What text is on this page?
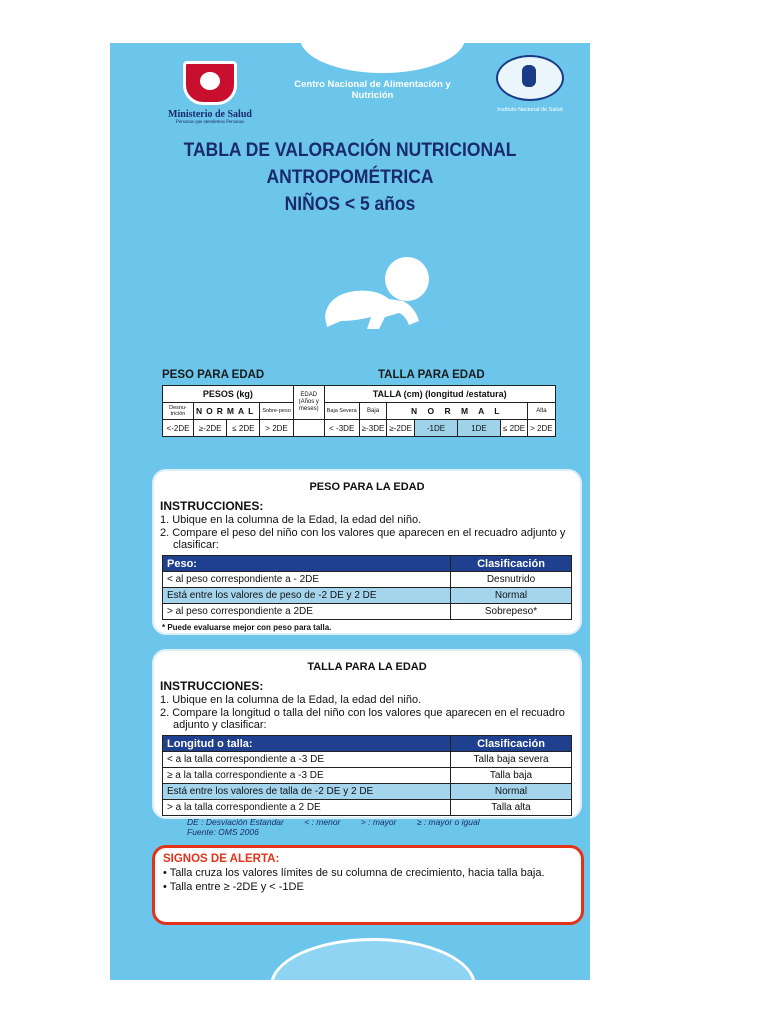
Ministerio de Salud
Personas que atendemos Personas
Centro Nacional de Alimentación y Nutrición
Instituto Nacional de Salud
TABLA DE VALORACIÓN NUTRICIONAL
ANTROPOMÉTRICA
NIÑOS < 5 años
PESO PARA EDAD	TALLA PARA EDAD
PESOS (kg)				EDAD (Años y meses)	TALLA (cm) (longitud /estatura)						
Desnu-trición	NORMAL		Sobre-peso		Baja Severa	Baja	N O R M A L				Alta
<-2DE	≥-2DE	≤ 2DE	> 2DE		< -3DE	≥-3DE	≥-2DE	-1DE	1DE	≤ 2DE	> 2DE
PESO PARA LA EDAD
INSTRUCCIONES:
1. Ubique en la columna de la Edad, la edad del niño.
2. Compare el peso del niño con los valores que aparecen en el recuadro adjunto y clasificar:
Peso:	Clasificación
< al peso correspondiente a - 2DE	Desnutrido
Está entre los valores de peso de -2 DE y 2 DE	Normal
> al peso correspondiente a 2DE	Sobrepeso*
* Puede evaluarse mejor con peso para talla.
TALLA PARA LA EDAD
INSTRUCCIONES:
1. Ubique en la columna de la Edad, la edad del niño.
2. Compare la longitud o talla del niño con los valores que aparecen en el recuadro adjunto y clasificar:
Longitud o talla:	Clasificación
< a la talla correspondiente a -3 DE	Talla baja severa
≥ a la talla correspondiente a -3 DE	Talla baja
Está entre los valores de talla de -2 DE y 2 DE	Normal
> a la talla correspondiente a 2 DE	Talla alta
DE : Desviación Estandar < : menor > : mayor ≥ : mayor o igual
Fuente: OMS 2006
SIGNOS DE ALERTA:
• Talla cruza los valores límites de su columna de crecimiento, hacia talla baja.
• Talla entre ≥ -2DE y < -1DE
